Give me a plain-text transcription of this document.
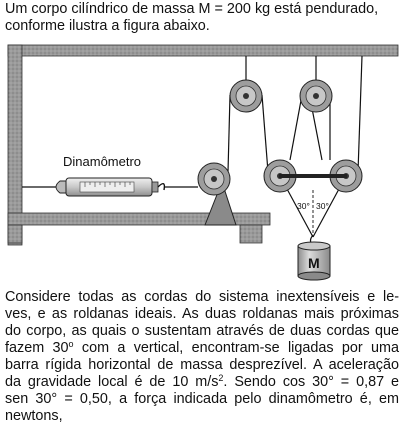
Um corpo cilíndrico de massa M = 200 kg está pendurado,
conforme ilustra a figura abaixo.
Dinamômetro
30° 30°
M
Considere todas as cordas do sistema inextensíveis e le-
ves, e as roldanas ideais. As duas roldanas mais próximas
do corpo, as quais o sustentam através de duas cordas que
fazem 30$^o$ com a vertical, encontram-se ligadas por uma
barra rígida horizontal de massa desprezível. A aceleração
da gravidade local é de 10 $m/s^2$. Sendo cos 30° = 0,87 e
sen 30° = 0,50, a força indicada pelo dinamômetro é, em
newtons,
